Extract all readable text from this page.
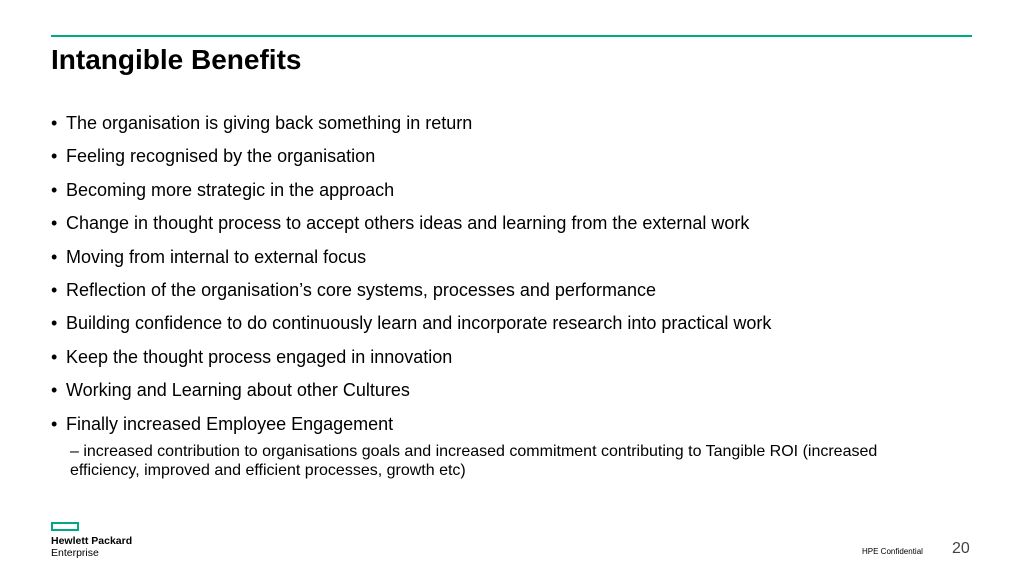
Intangible Benefits
• The organisation is giving back something in return
• Feeling recognised by the organisation
• Becoming more strategic in the approach
• Change in thought process to accept others ideas and learning from the external work
• Moving from internal to external focus
• Reflection of the organisation’s core systems, processes and performance
• Building confidence to do continuously learn and incorporate research into practical work
• Keep the thought process engaged in innovation
• Working and Learning about other Cultures
• Finally increased Employee Engagement

– increased contribution to organisations goals and increased commitment contributing to Tangible ROI (increased efficiency, improved and efficient processes, growth etc)

Hewlett Packard
Enterprise	HPE Confidential 20
